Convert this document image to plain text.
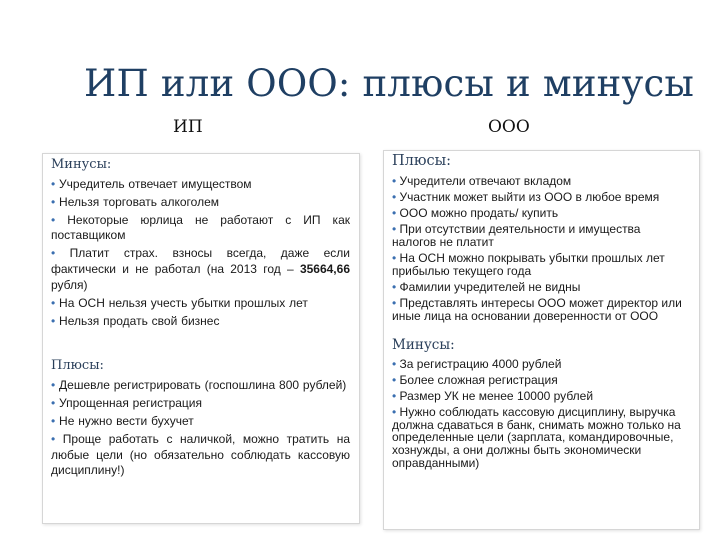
ИП или ООО: плюсы и минусы
ИП	ООО
Минусы:
• Учредитель отвечает имуществом
• Нельзя торговать алкоголем
• Некоторые юрлица не работают с ИП как поставщиком
• Платит страх. взносы всегда, даже если фактически и не работал (на 2013 год – 35664,66 рубля)
• На ОСН нельзя учесть убытки прошлых лет
• Нельзя продать свой бизнес
Плюсы:
• Дешевле регистрировать (госпошлина 800 рублей)
• Упрощенная регистрация
• Не нужно вести бухучет
• Проще работать с наличкой, можно тратить на любые цели (но обязательно соблюдать кассовую дисциплину!)
Плюсы:
• Учредители отвечают вкладом
• Участник может выйти из ООО в любое время
• ООО можно продать/ купить
• При отсутствии деятельности и имущества налогов не платит
• На ОСН можно покрывать убытки прошлых лет прибылью текущего года
• Фамилии учредителей не видны
• Представлять интересы ООО может директор или иные лица на основании доверенности от ООО
Минусы:
• За регистрацию 4000 рублей
• Более сложная регистрация
• Размер УК не менее 10000 рублей
• Нужно соблюдать кассовую дисциплину, выручка должна сдаваться в банк, снимать можно только на определенные цели (зарплата, командировочные, хознужды, а они должны быть экономически оправданными)
